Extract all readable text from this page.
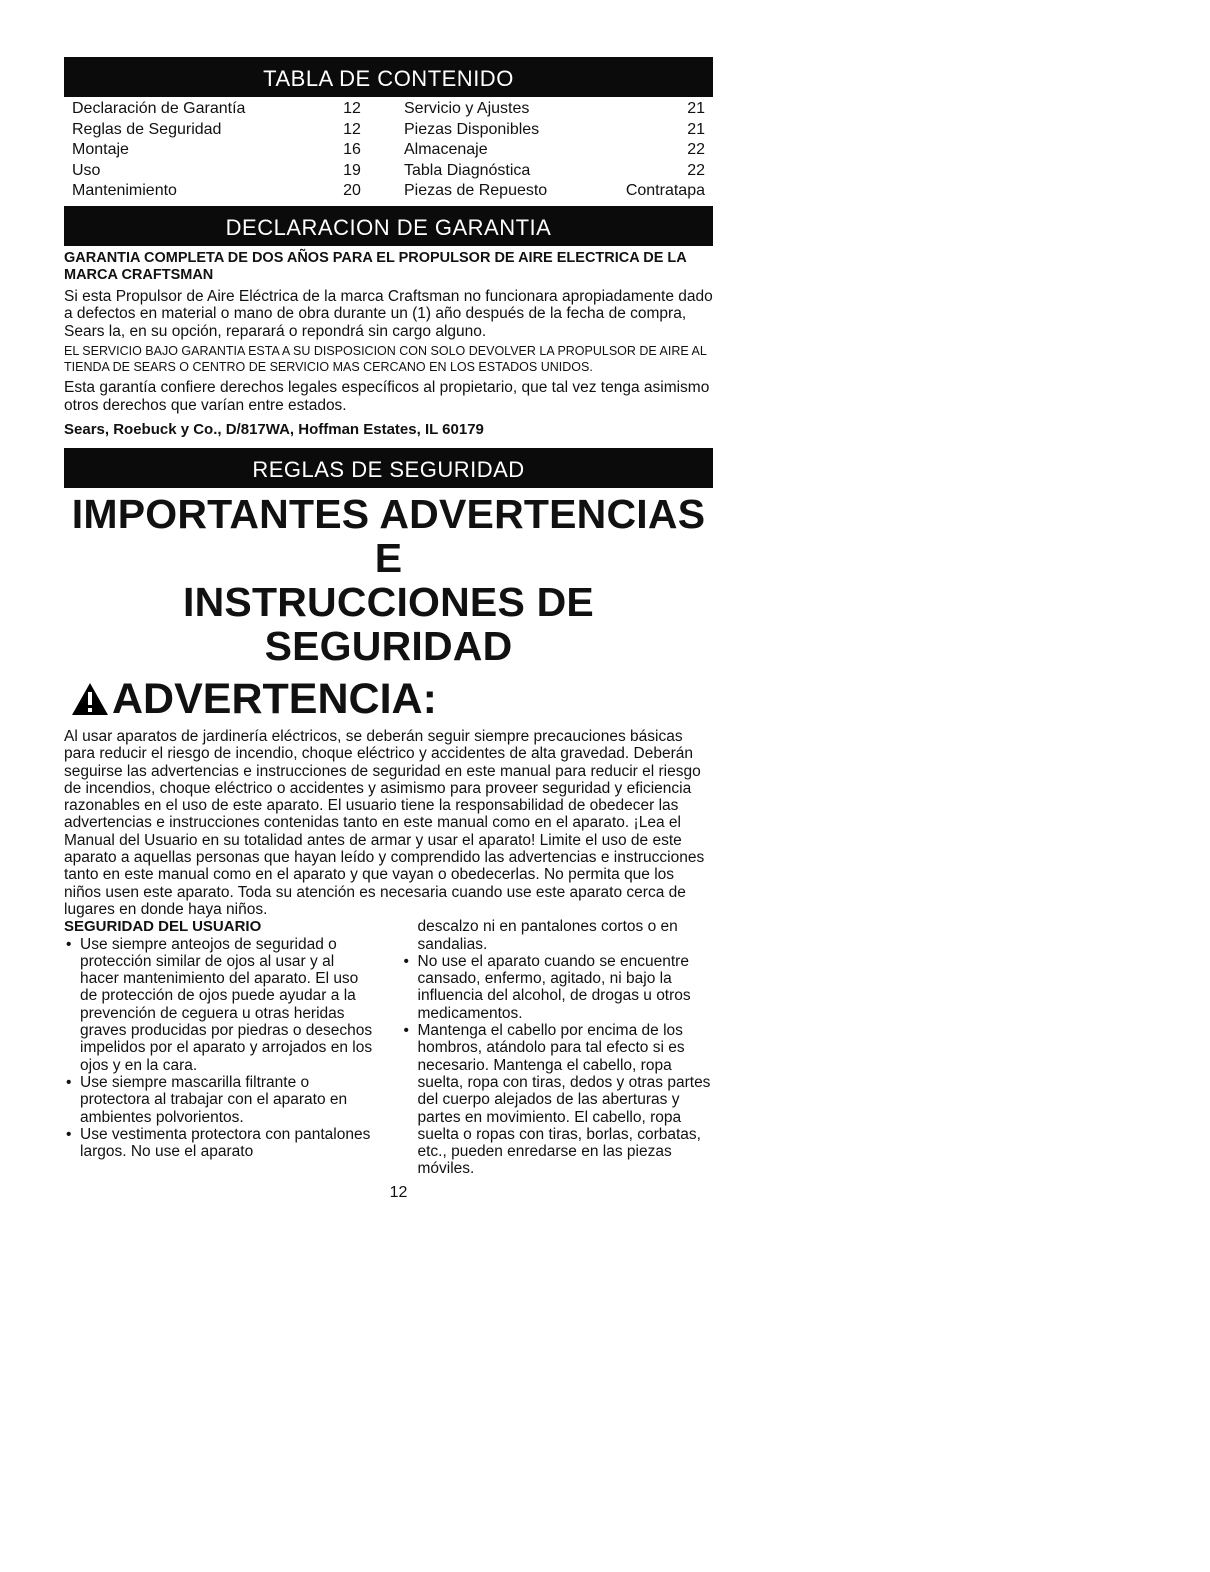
TABLA DE CONTENIDO
Declaración de Garantía	12
Reglas de Seguridad	12
Montaje	16
Uso	19
Mantenimiento	20
Servicio y Ajustes	21
Piezas Disponibles	21
Almacenaje	22
Tabla Diagnóstica	22
Piezas de Repuesto	Contratapa
DECLARACION DE GARANTIA
GARANTIA COMPLETA DE DOS AÑOS PARA EL PROPULSOR DE AIRE ELECTRICA DE LA MARCA CRAFTSMAN
Si esta Propulsor de Aire Eléctrica de la marca Craftsman no funcionara apropiadamente dado a defectos en material o mano de obra durante un (1) año después de la fecha de compra, Sears la, en su opción, reparará o repondrá sin cargo alguno.
EL SERVICIO BAJO GARANTIA ESTA A SU DISPOSICION CON SOLO DEVOLVER LA PROPULSOR DE AIRE AL TIENDA DE SEARS O CENTRO DE SERVICIO MAS CERCANO EN LOS ESTADOS UNIDOS.
Esta garantía confiere derechos legales específicos al propietario, que tal vez tenga asimismo otros derechos que varían entre estados.
Sears, Roebuck y Co., D/817WA, Hoffman Estates, IL 60179
REGLAS DE SEGURIDAD
IMPORTANTES ADVERTENCIAS E
INSTRUCCIONES DE SEGURIDAD
ADVERTENCIA:
Al usar aparatos de jardinería eléctricos, se deberán seguir siempre precauciones básicas para reducir el riesgo de incendio, choque eléctrico y accidentes de alta gravedad. Deberán seguirse las advertencias e instrucciones de seguridad en este manual para reducir el riesgo de incendios, choque eléctrico o accidentes y asimismo para proveer seguridad y eficiencia razonables en el uso de este aparato. El usuario tiene la responsabilidad de obedecer las advertencias e instrucciones contenidas tanto en este manual como en el aparato. ¡Lea el Manual del Usuario en su totalidad antes de armar y usar el aparato! Limite el uso de este aparato a aquellas personas que hayan leído y comprendido las advertencias e instrucciones tanto en este manual como en el aparato y que vayan o obedecerlas. No permita que los niños usen este aparato. Toda su atención es necesaria cuando use este aparato cerca de lugares en donde haya niños.
SEGURIDAD DEL USUARIO
• Use siempre anteojos de seguridad o protección similar de ojos al usar y al hacer mantenimiento del aparato. El uso de protección de ojos puede ayudar a la prevención de ceguera u otras heridas graves producidas por piedras o desechos impelidos por el aparato y arrojados en los ojos y en la cara.
• Use siempre mascarilla filtrante o protectora al trabajar con el aparato en ambientes polvorientos.
• Use vestimenta protectora con pantalones largos. No use el aparato
descalzo ni en pantalones cortos o en sandalias.
• No use el aparato cuando se encuentre cansado, enfermo, agitado, ni bajo la influencia del alcohol, de drogas u otros medicamentos.
• Mantenga el cabello por encima de los hombros, atándolo para tal efecto si es necesario. Mantenga el cabello, ropa suelta, ropa con tiras, dedos y otras partes del cuerpo alejados de las aberturas y partes en movimiento. El cabello, ropa suelta o ropas con tiras, borlas, corbatas, etc., pueden enredarse en las piezas móviles.
12
